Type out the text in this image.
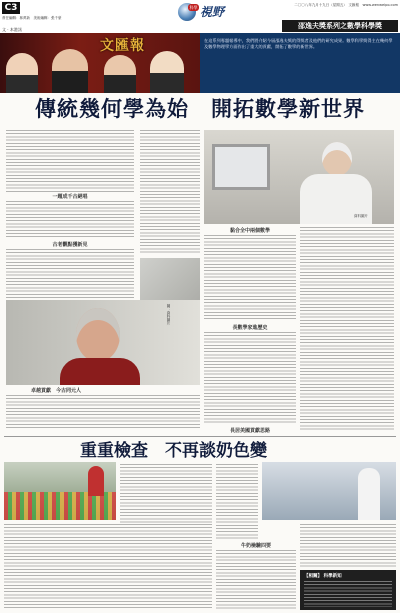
C3
責任編輯：林萬新　美術編輯：張千豪	視野
科學	二〇〇八年九月十九日（星期五）　文匯報　www.wenweipo.com
文 · 本港訊	邵逸夫獎系列之數學科學獎
文匯報	在這系列專題報導中，我們將介紹今屆邵逸夫獎的得獎者及他們的研究成果。數學科學獎得主在幾何學及數學物理學方面作出了重大的貢獻，開拓了數學的新世界。
傳統幾何學為始　開拓數學新世界
一題成千古絕唱
古老觀點獲新見
資料圖片
黏合全中兩個數學
長數學家進歷史
長居美國貢獻思路
圖：資料圖片
卓越貢獻　今古同元人
重重檢查　不再談奶色變
牛奶檢驗四要
【相關】 科學新知
